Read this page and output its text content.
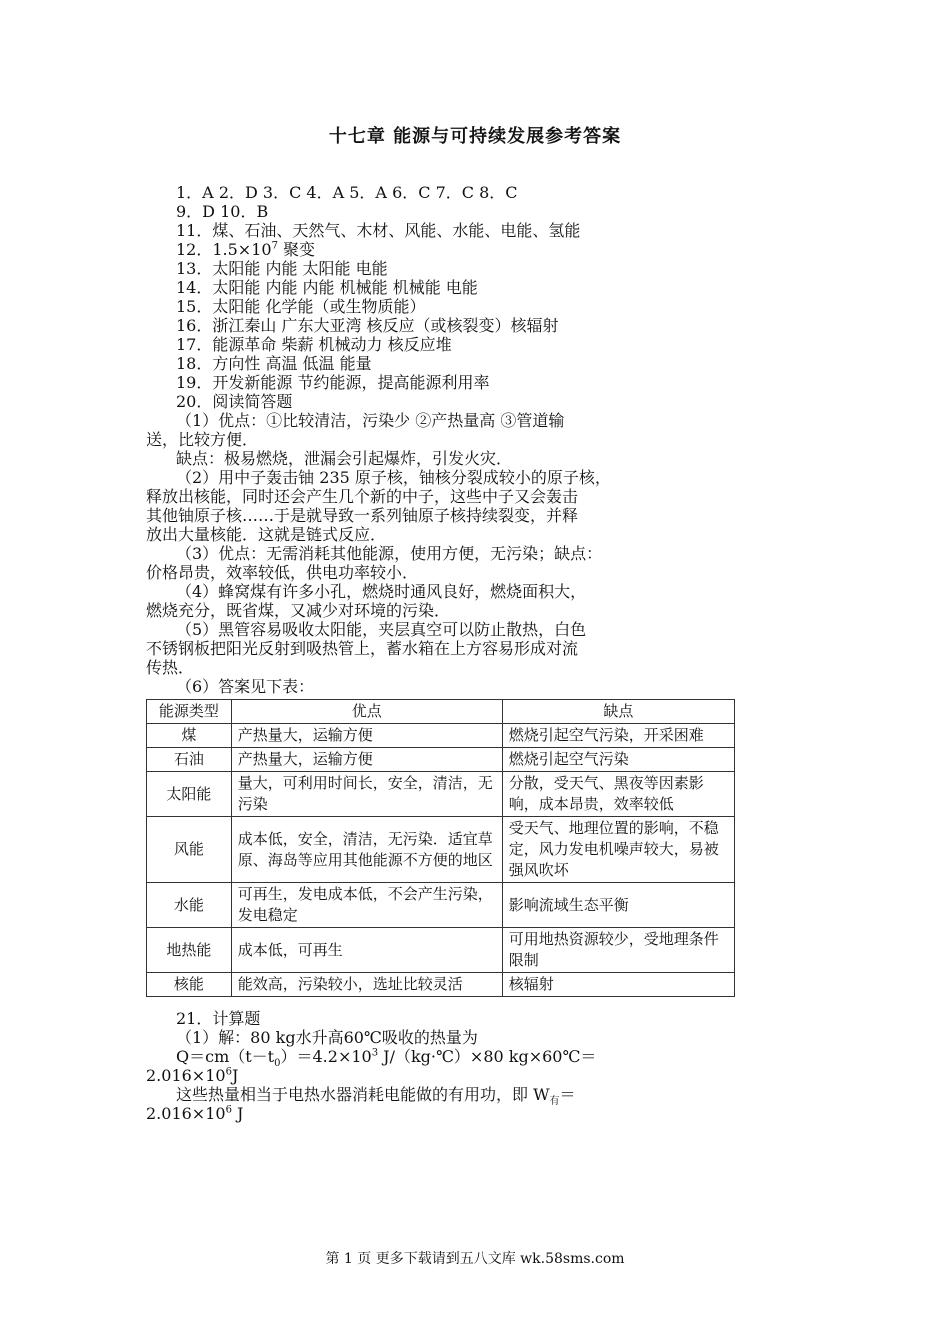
十七章 能源与可持续发展参考答案
1．A 2．D 3．C 4．A 5．A 6．C 7．C 8．C
9．D 10．B
11．煤、石油、天然气、木材、风能、水能、电能、氢能
12．$1.5\times 10^7$ 聚变
13．太阳能 内能 太阳能 电能
14．太阳能 内能 内能 机械能 机械能 电能
15．太阳能 化学能（或生物质能）
16．浙江秦山 广东大亚湾 核反应（或核裂变）核辐射
17．能源革命 柴薪 机械动力 核反应堆
18．方向性 高温 低温 能量
19．开发新能源 节约能源，提高能源利用率
20．阅读简答题
（1）优点：①比较清洁，污染少 ②产热量高 ③管道输
送，比较方便．
缺点：极易燃烧，泄漏会引起爆炸，引发火灾．
（2）用中子轰击铀 235 原子核，铀核分裂成较小的原子核，
释放出核能，同时还会产生几个新的中子，这些中子又会轰击
其他铀原子核……于是就导致一系列铀原子核持续裂变，并释
放出大量核能．这就是链式反应．
（3）优点：无需消耗其他能源，使用方便，无污染；缺点：
价格昂贵，效率较低，供电功率较小．
（4）蜂窝煤有许多小孔，燃烧时通风良好，燃烧面积大，
燃烧充分，既省煤，又减少对环境的污染．
（5）黑管容易吸收太阳能，夹层真空可以防止散热，白色
不锈钢板把阳光反射到吸热管上，蓄水箱在上方容易形成对流
传热．
（6）答案见下表：
能源类型	优点	缺点
煤	产热量大，运输方便	燃烧引起空气污染，开采困难
石油	产热量大，运输方便	燃烧引起空气污染
太阳能	量大，可利用时间长，安全，清洁，无污染	分散，受天气、黑夜等因素影响，成本昂贵，效率较低
风能	成本低，安全，清洁，无污染．适宜草原、海岛等应用其他能源不方便的地区	受天气、地理位置的影响，不稳定，风力发电机噪声较大，易被强风吹坏
水能	可再生，发电成本低，不会产生污染，发电稳定	影响流域生态平衡
地热能	成本低，可再生	可用地热资源较少，受地理条件限制
核能	能效高，污染较小，选址比较灵活	核辐射
21．计算题
（1）解：80 kg水升高60℃吸收的热量为
$Q=cm(t-t_0)=4.2\times 10^3$ J/（kg·℃）×80 kg×60℃＝
$2.016\times 10^6J$
这些热量相当于电热水器消耗电能做的有用功，即 $W_有=$
$2.016\times 10^6$ J
第 1 页 更多下载请到五八文库 wk.58sms.com
